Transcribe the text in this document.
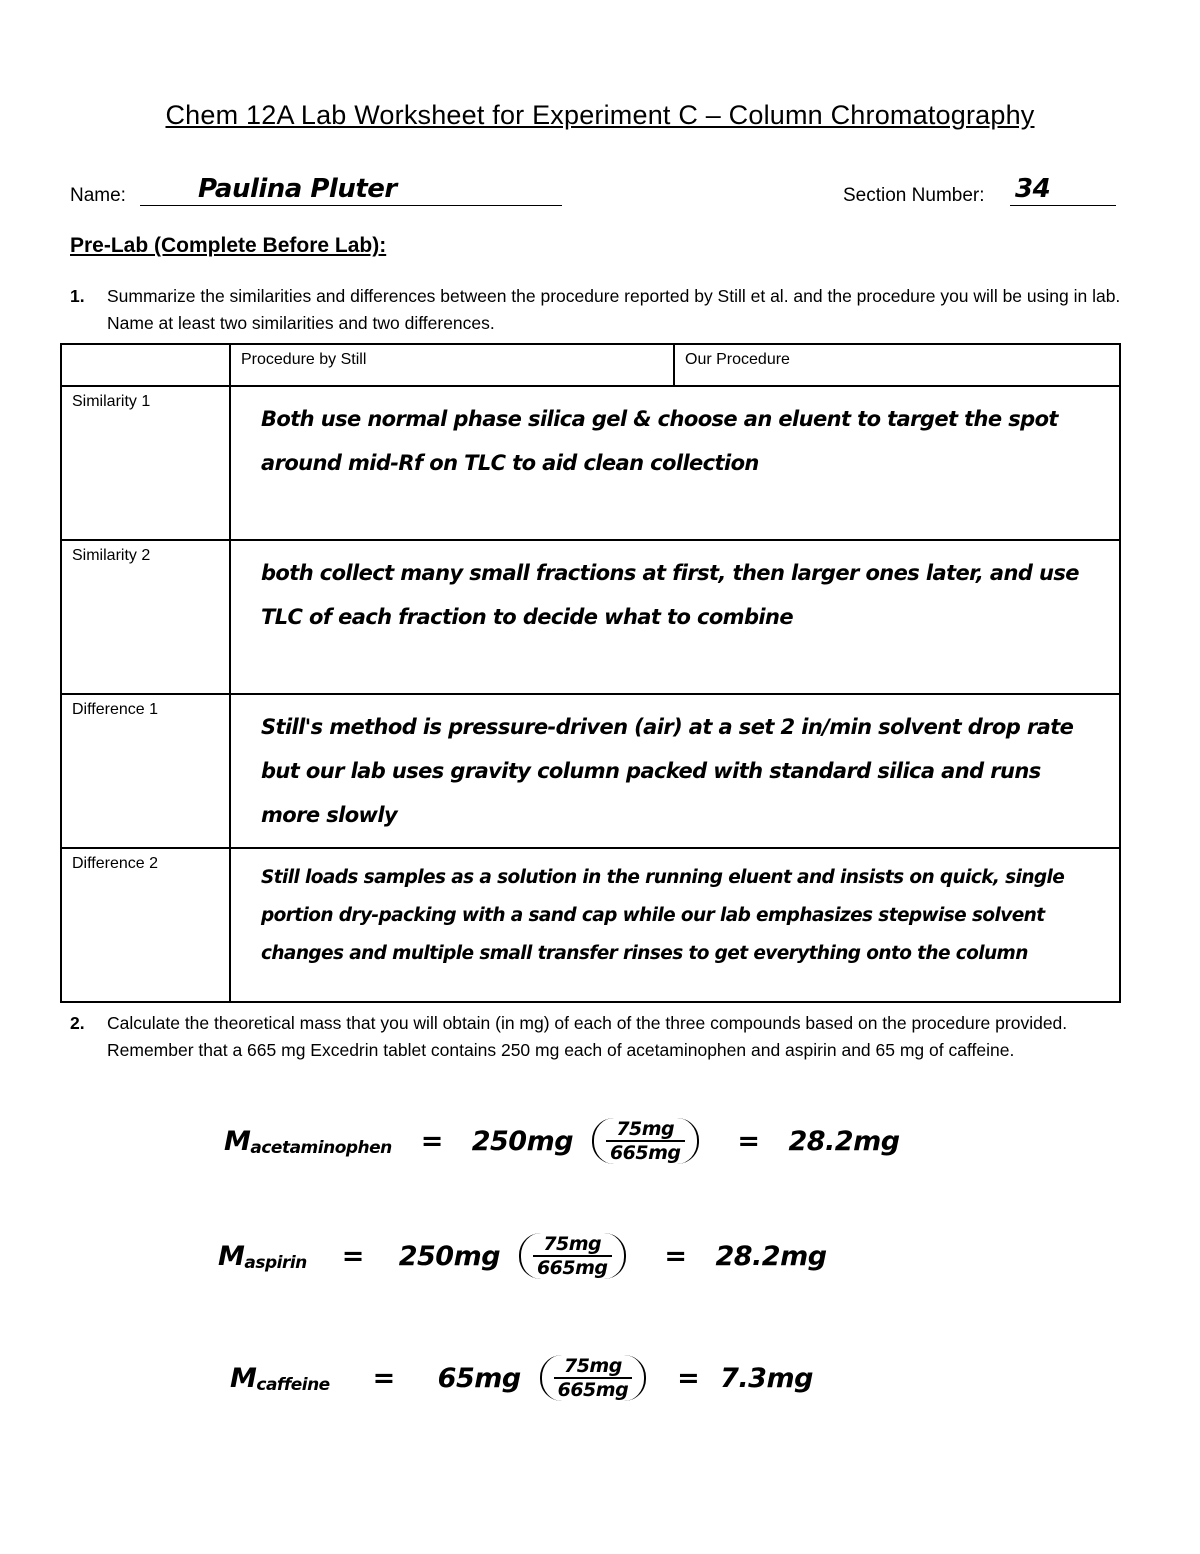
Chem 12A Lab Worksheet for Experiment C – Column Chromatography
Name:	Paulina Pluter	Section Number: 34
Pre-Lab (Complete Before Lab):
1. Summarize the similarities and differences between the procedure reported by Still et al. and the procedure you will be using in lab. Name at least two similarities and two differences.
	Procedure by Still	Our Procedure
Similarity 1	Both use normal phase silica gel & choose an eluent to target the spot around mid-Rf on TLC to aid clean collection	
Similarity 2	both collect many small fractions at first, then larger ones later, and use TLC of each fraction to decide what to combine	
Difference 1	Still's method is pressure-driven (air) at a set 2 in/min solvent drop rate but our lab uses gravity column packed with standard silica and runs more slowly	
Difference 2	Still loads samples as a solution in the running eluent and insists on quick, single portion dry-packing with a sand cap while our lab emphasizes stepwise solvent changes and multiple small transfer rinses to get everything onto the column	
2. Calculate the theoretical mass that you will obtain (in mg) of each of the three compounds based on the procedure provided. Remember that a 665 mg Excedrin tablet contains 250 mg each of acetaminophen and aspirin and 65 mg of caffeine.
Macetaminophen = $250mg \frac{75mg}{665mg} = 28.2mg$
Maspirin = $250mg \frac{75mg}{665mg} = 28.2mg$
Mcaffeine = $65mg \frac{75mg}{665mg} = 7.3mg$
